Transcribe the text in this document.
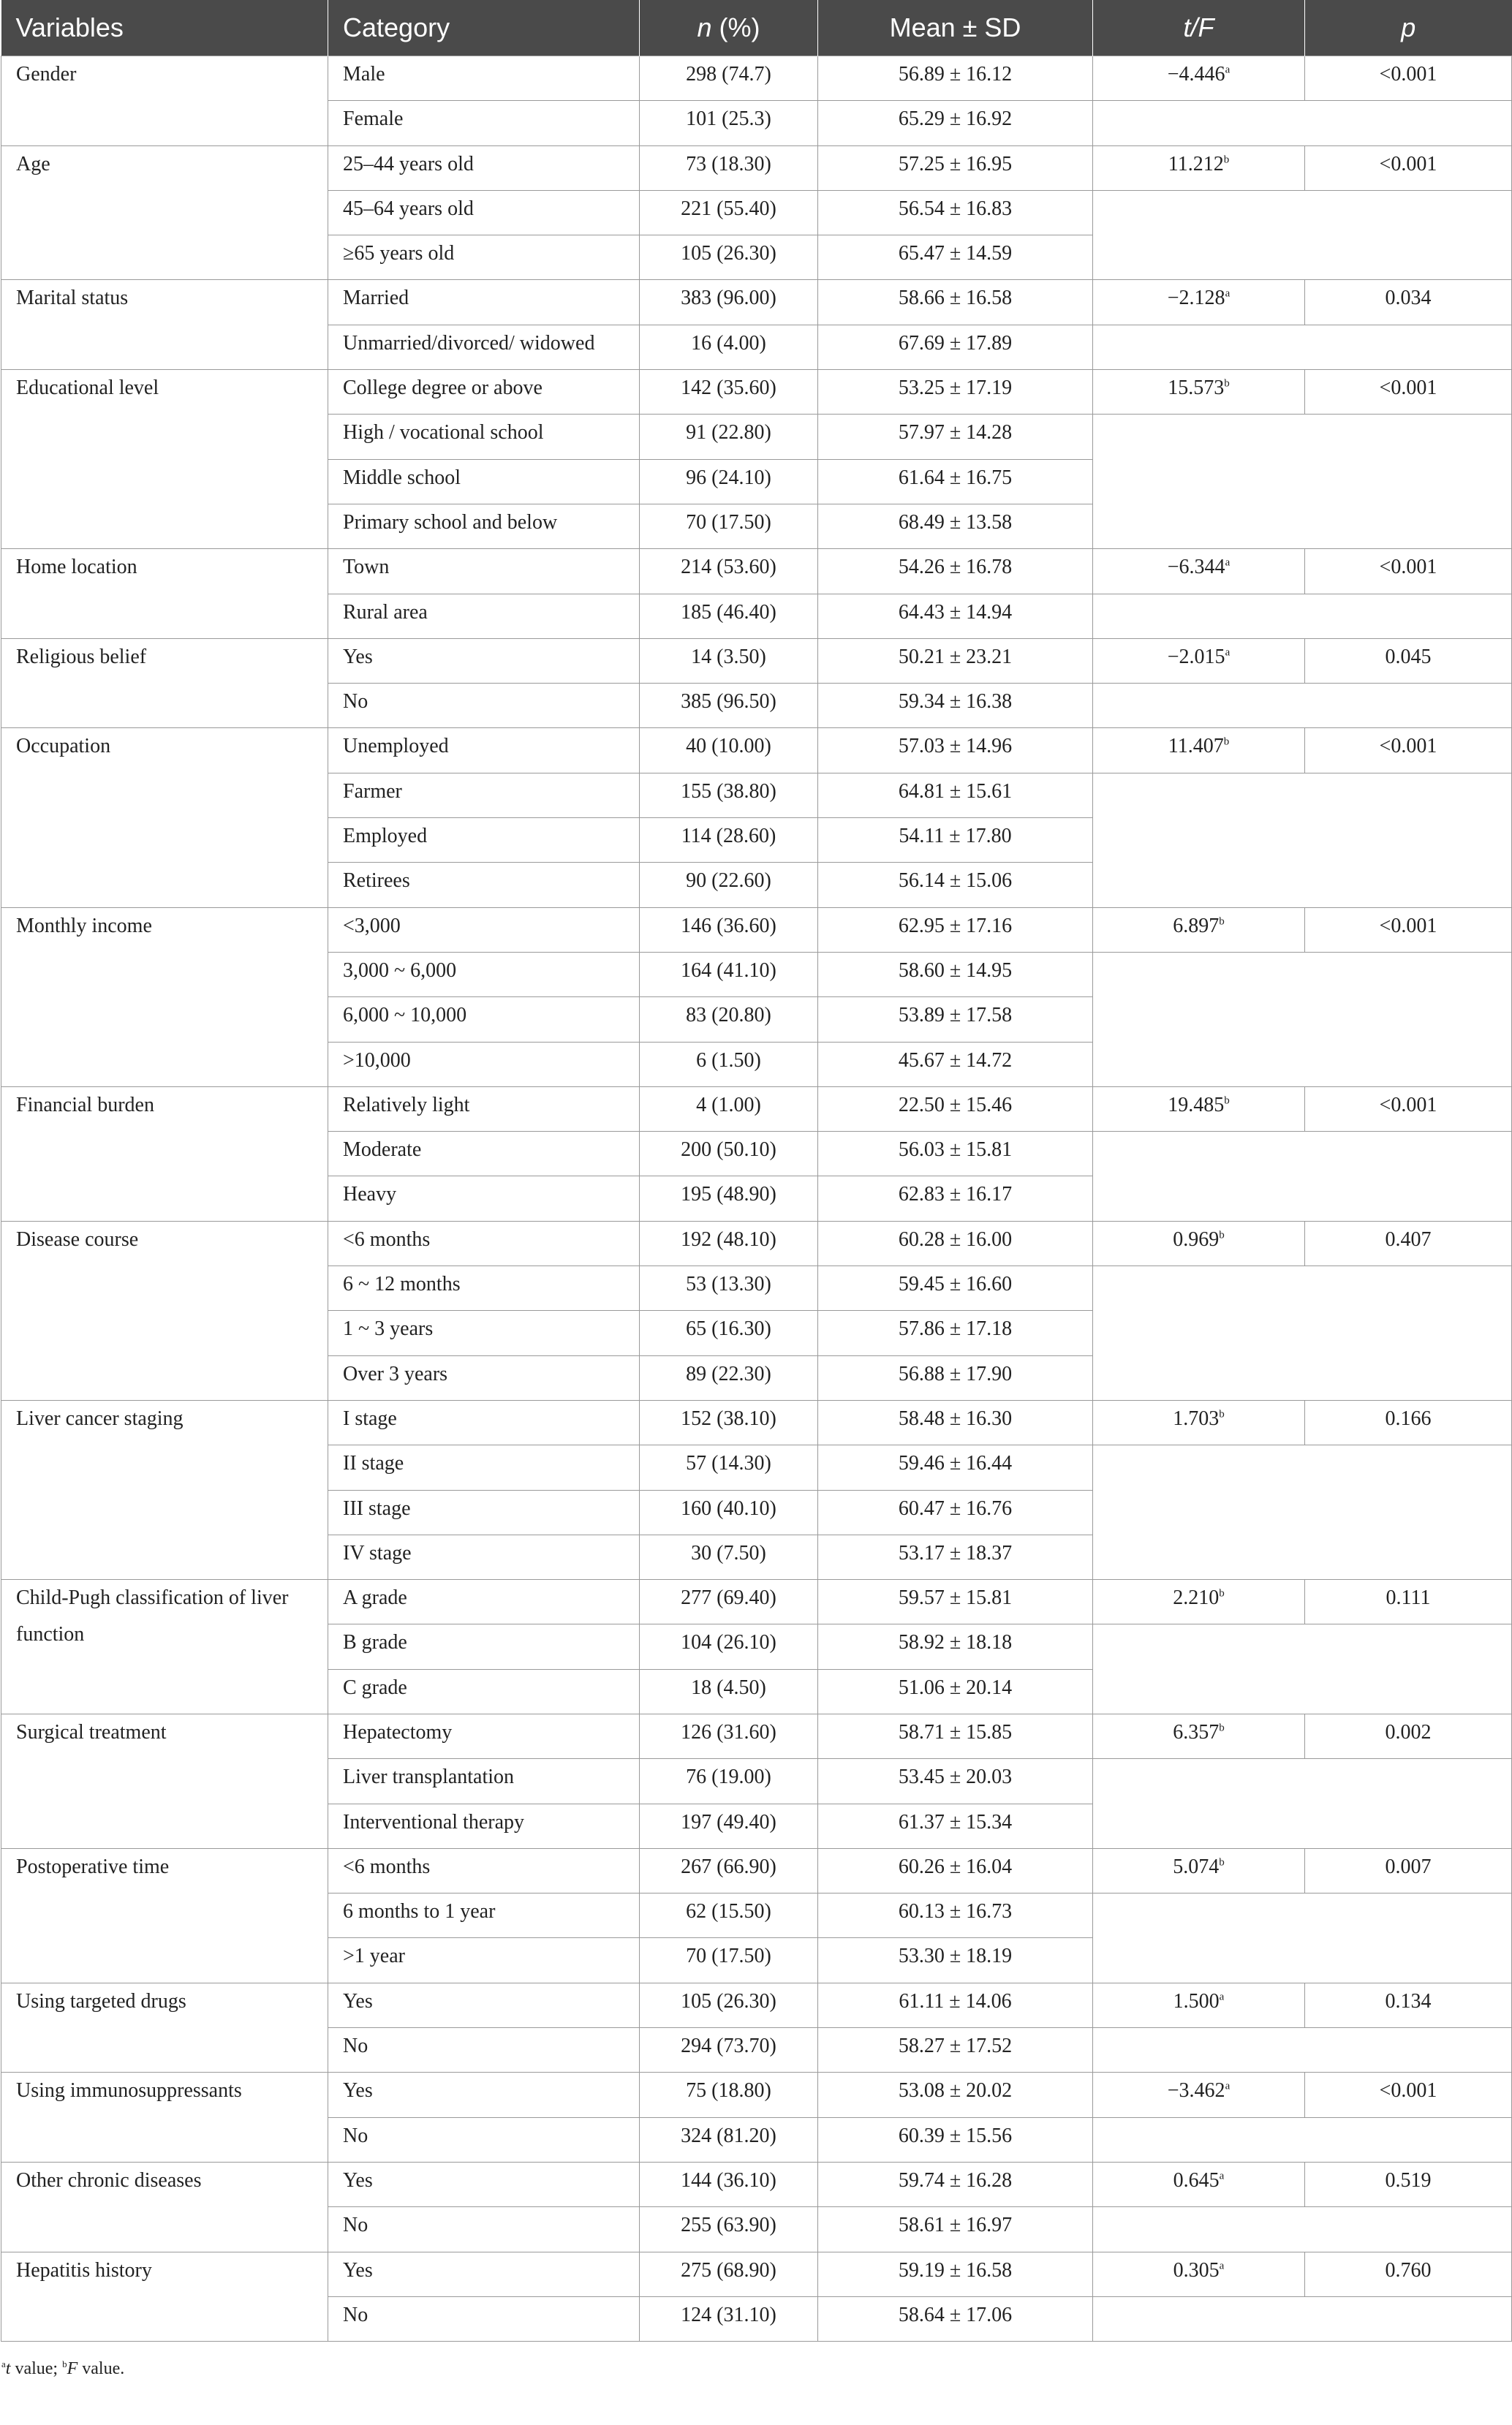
Variables	Category	n (%)	Mean ± SD	t/F	p
Gender	Male	298 (74.7)	56.89 ± 16.12	−4.446$^a$	<0.001
	Female	101 (25.3)	65.29 ± 16.92		
Age	25–44 years old	73 (18.30)	57.25 ± 16.95	11.212$^b$	<0.001
	45–64 years old	221 (55.40)	56.54 ± 16.83		
	≥65 years old	105 (26.30)	65.47 ± 14.59		
Marital status	Married	383 (96.00)	58.66 ± 16.58	−2.128$^a$	0.034
	Unmarried/divorced/ widowed	16 (4.00)	67.69 ± 17.89		
Educational level	College degree or above	142 (35.60)	53.25 ± 17.19	15.573$^b$	<0.001
	High / vocational school	91 (22.80)	57.97 ± 14.28		
	Middle school	96 (24.10)	61.64 ± 16.75		
	Primary school and below	70 (17.50)	68.49 ± 13.58		
Home location	Town	214 (53.60)	54.26 ± 16.78	−6.344$^a$	<0.001
	Rural area	185 (46.40)	64.43 ± 14.94		
Religious belief	Yes	14 (3.50)	50.21 ± 23.21	−2.015$^a$	0.045
	No	385 (96.50)	59.34 ± 16.38		
Occupation	Unemployed	40 (10.00)	57.03 ± 14.96	11.407$^b$	<0.001
	Farmer	155 (38.80)	64.81 ± 15.61		
	Employed	114 (28.60)	54.11 ± 17.80		
	Retirees	90 (22.60)	56.14 ± 15.06		
Monthly income	<3,000	146 (36.60)	62.95 ± 17.16	6.897$^b$	<0.001
	3,000 ~ 6,000	164 (41.10)	58.60 ± 14.95		
	6,000 ~ 10,000	83 (20.80)	53.89 ± 17.58		
	>10,000	6 (1.50)	45.67 ± 14.72		
Financial burden	Relatively light	4 (1.00)	22.50 ± 15.46	19.485$^b$	<0.001
	Moderate	200 (50.10)	56.03 ± 15.81		
	Heavy	195 (48.90)	62.83 ± 16.17		
Disease course	<6 months	192 (48.10)	60.28 ± 16.00	0.969$^b$	0.407
	6 ~ 12 months	53 (13.30)	59.45 ± 16.60		
	1 ~ 3 years	65 (16.30)	57.86 ± 17.18		
	Over 3 years	89 (22.30)	56.88 ± 17.90		
Liver cancer staging	I stage	152 (38.10)	58.48 ± 16.30	1.703$^b$	0.166
	II stage	57 (14.30)	59.46 ± 16.44		
	III stage	160 (40.10)	60.47 ± 16.76		
	IV stage	30 (7.50)	53.17 ± 18.37		
Child-Pugh classification of liver function	A grade	277 (69.40)	59.57 ± 15.81	2.210$^b$	0.111
	B grade	104 (26.10)	58.92 ± 18.18		
	C grade	18 (4.50)	51.06 ± 20.14		
Surgical treatment	Hepatectomy	126 (31.60)	58.71 ± 15.85	6.357$^b$	0.002
	Liver transplantation	76 (19.00)	53.45 ± 20.03		
	Interventional therapy	197 (49.40)	61.37 ± 15.34		
Postoperative time	<6 months	267 (66.90)	60.26 ± 16.04	5.074$^b$	0.007
	6 months to 1 year	62 (15.50)	60.13 ± 16.73		
	>1 year	70 (17.50)	53.30 ± 18.19		
Using targeted drugs	Yes	105 (26.30)	61.11 ± 14.06	1.500$^a$	0.134
	No	294 (73.70)	58.27 ± 17.52		
Using immunosuppressants	Yes	75 (18.80)	53.08 ± 20.02	−3.462$^a$	<0.001
	No	324 (81.20)	60.39 ± 15.56		
Other chronic diseases	Yes	144 (36.10)	59.74 ± 16.28	0.645$^a$	0.519
	No	255 (63.90)	58.61 ± 16.97		
Hepatitis history	Yes	275 (68.90)	59.19 ± 16.58	0.305$^a$	0.760
	No	124 (31.10)	58.64 ± 17.06		
$^a$t value; $^b$F value.
